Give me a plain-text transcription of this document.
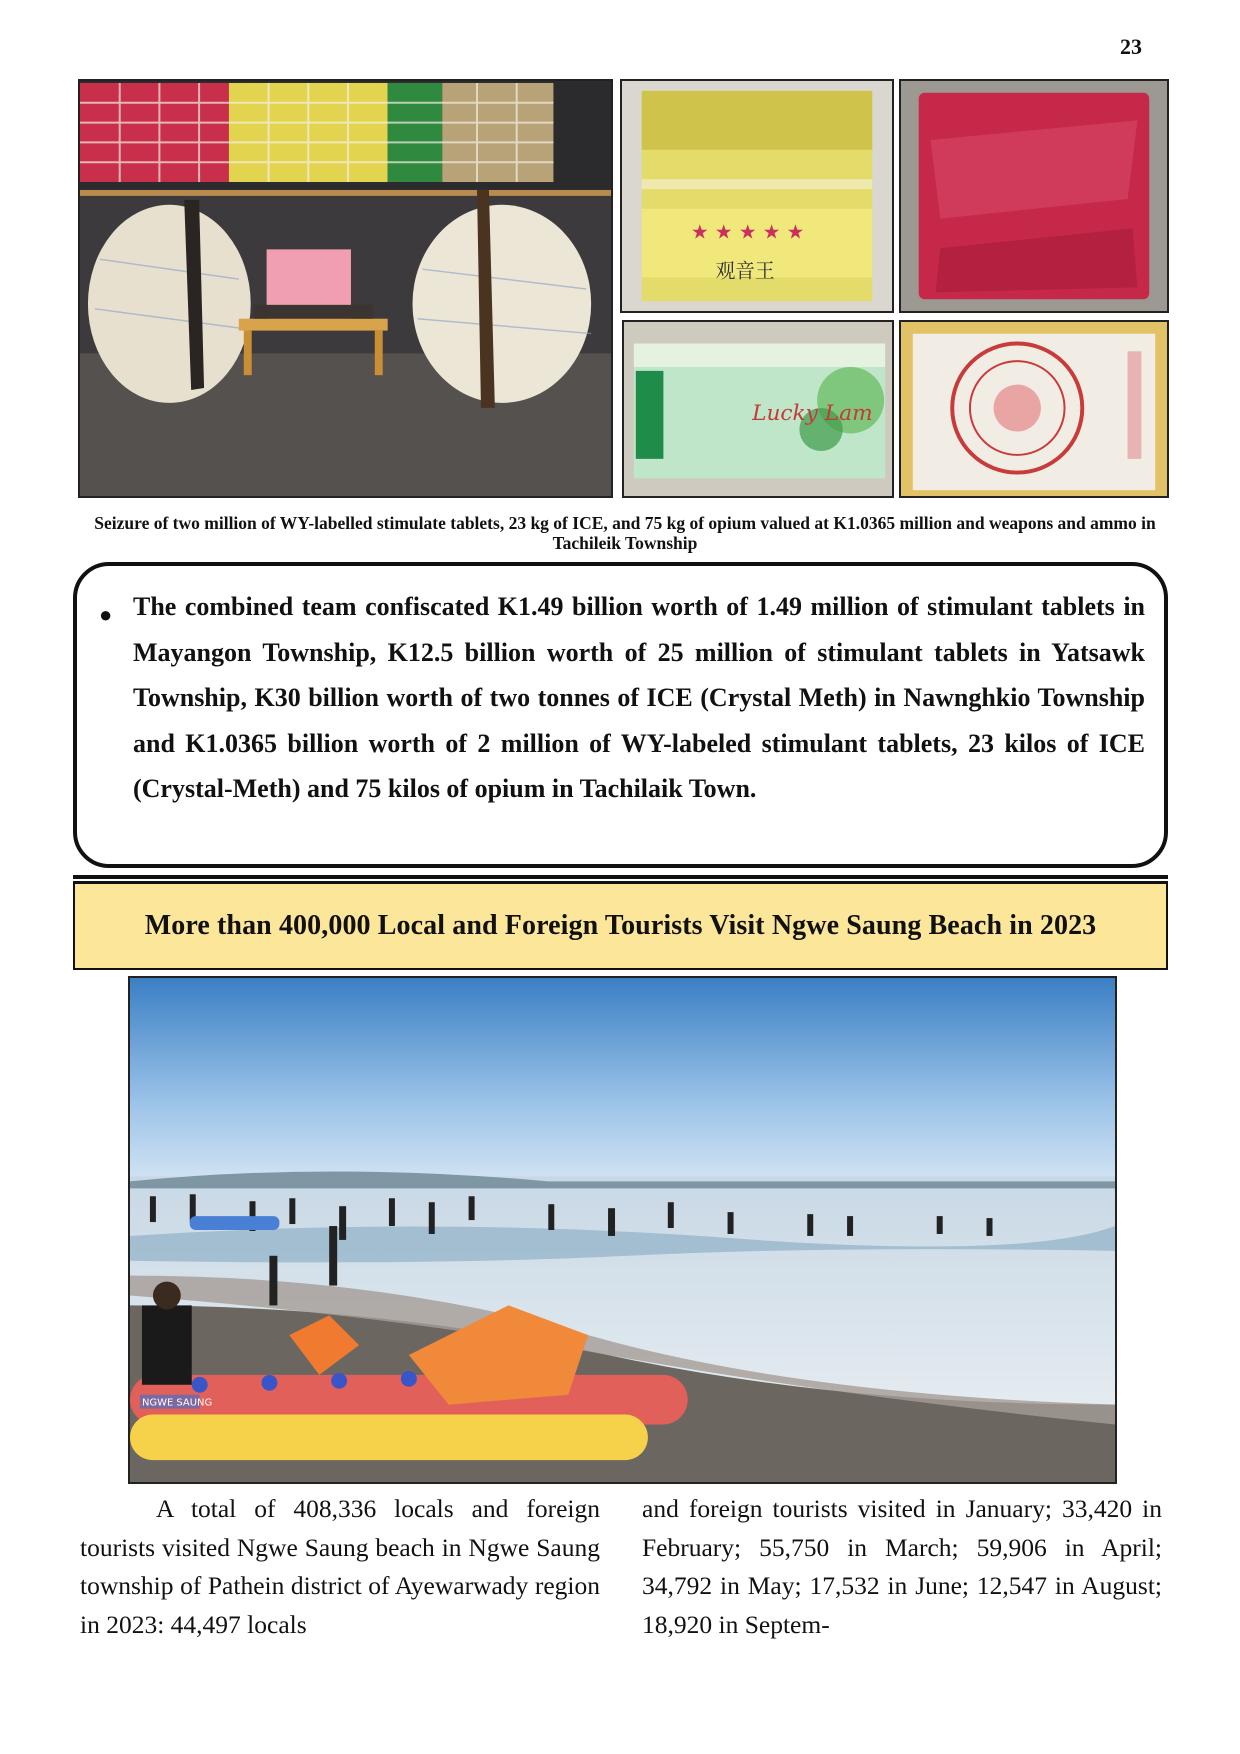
23
★ ★ ★ ★ ★
观音王
Lucky Lam
Seizure of two million of WY-labelled stimulate tablets, 23 kg of ICE, and 75 kg of opium valued at K1.0365 million and weapons and ammo in Tachileik Township
● The combined team confiscated K1.49 billion worth of 1.49 million of stimulant tablets in Mayangon Township, K12.5 billion worth of 25 million of stimulant tablets in Yatsawk Township, K30 billion worth of two tonnes of ICE (Crystal Meth) in Nawnghkio Township and K1.0365 billion worth of 2 million of WY-labeled stimulant tablets, 23 kilos of ICE (Crystal-Meth) and 75 kilos of opium in Tachilaik Town.
More than 400,000 Local and Foreign Tourists Visit Ngwe Saung Beach in 2023
NGWE SAUNG
A total of 408,336 locals and foreign tourists visited Ngwe Saung beach in Ngwe Saung township of Pathein district of Ayewarwady region in 2023: 44,497 locals
and foreign tourists visited in January; 33,420 in February; 55,750 in March; 59,906 in April; 34,792 in May; 17,532 in June; 12,547 in August; 18,920 in Septem-
